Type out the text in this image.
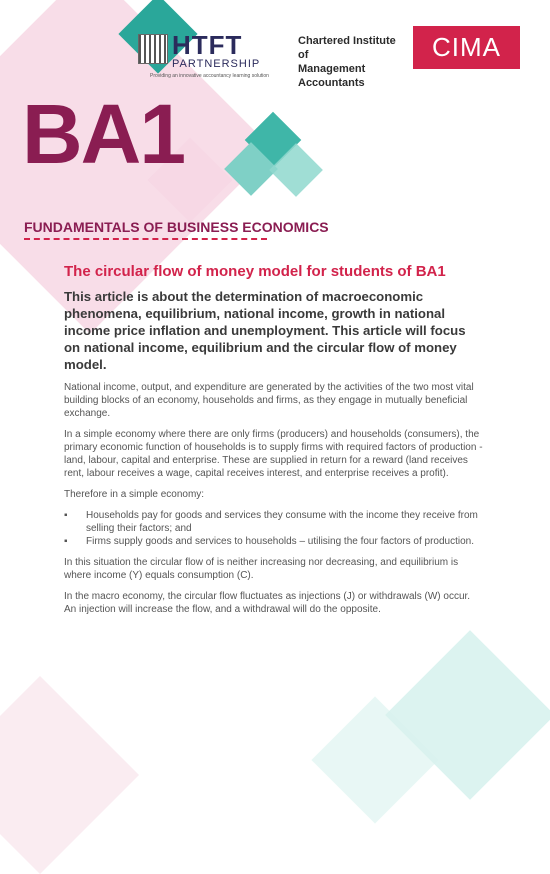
HTFT
PARTNERSHIP
Providing an innovative accountancy learning solution
Chartered Institute of
Management Accountants
CIMA
BA1
FUNDAMENTALS OF BUSINESS ECONOMICS
The circular flow of money model for students of BA1

This article is about the determination of macroeconomic phenomena, equilibrium, national income, growth in national income price inflation and unemployment. This article will focus on national income, equilibrium and the circular flow of money model.

National income, output, and expenditure are generated by the activities of the two most vital building blocks of an economy, households and firms, as they engage in mutually beneficial exchange.

In a simple economy where there are only firms (producers) and households (consumers), the primary economic function of households is to supply firms with required factors of production - land, labour, capital and enterprise. These are supplied in return for a reward (land receives rent, labour receives a wage, capital receives interest, and enterprise receives a profit).

Therefore in a simple economy:

▪ Households pay for goods and services they consume with the income they receive from selling their factors; and
▪ Firms supply goods and services to households – utilising the four factors of production.

In this situation the circular flow of is neither increasing nor decreasing, and equilibrium is where income (Y) equals consumption (C).

In the macro economy, the circular flow fluctuates as injections (J) or withdrawals (W) occur. An injection will increase the flow, and a withdrawal will do the opposite.
